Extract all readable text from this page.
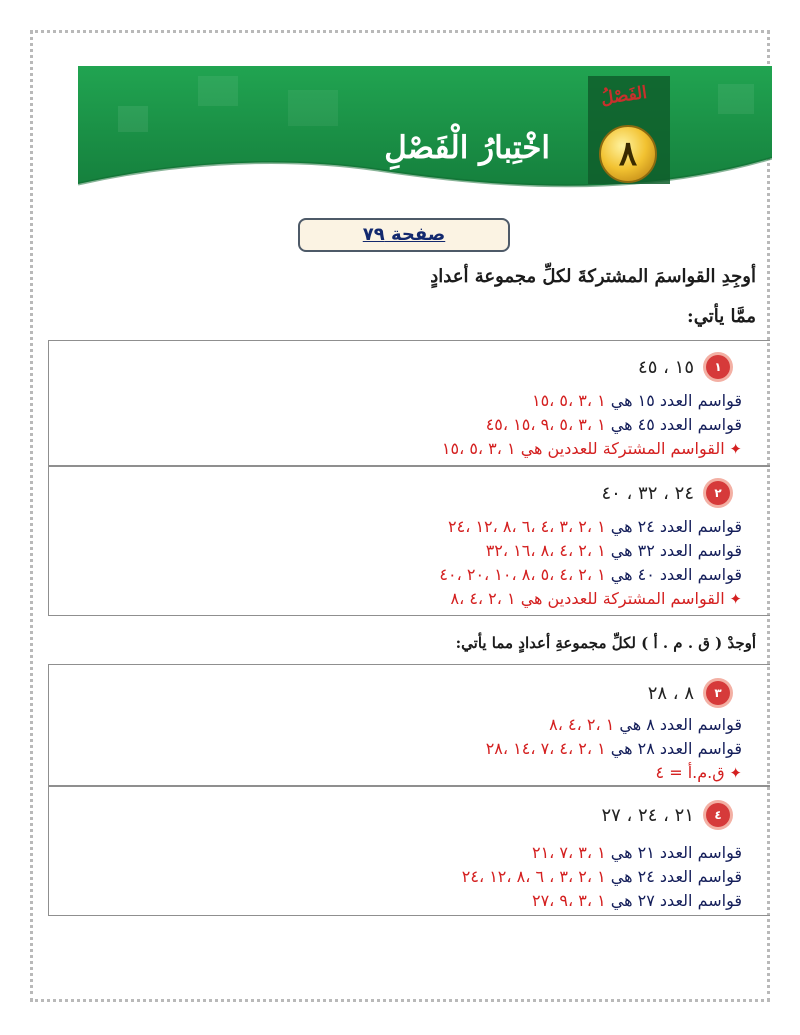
الفَصْلُ
٨
اخْتِبارُ الْفَصْلِ
صفحة ٧٩
أوجِدِ القواسمَ المشتركةَ لكلِّ مجموعة أعدادٍ
ممَّا يأتي:
١
١٥ ، ٤٥
قواسم العدد ١٥ هي ١ ،٣ ،٥ ،١٥
قواسم العدد ٤٥ هي ١ ،٣ ،٥ ،٩ ،١٥ ،٤٥
✦ القواسم المشتركة للعددين هي ١ ،٣ ،٥ ،١٥
٢
٢٤ ، ٣٢ ، ٤٠
قواسم العدد ٢٤ هي ١ ،٢ ،٣ ،٤ ،٦ ،٨ ،١٢ ،٢٤
قواسم العدد ٣٢ هي ١ ،٢ ،٤ ،٨ ،١٦ ،٣٢
قواسم العدد ٤٠ هي ١ ،٢ ،٤ ،٥ ،٨ ،١٠ ،٢٠ ،٤٠
✦ القواسم المشتركة للعددين هي ١ ،٢ ،٤ ،٨
أوجدْ ( ق . م . أ ) لكلِّ مجموعةِ أعدادٍ مما يأتي:
٣
٨ ، ٢٨
قواسم العدد ٨ هي ١ ،٢ ،٤ ،٨
قواسم العدد ٢٨ هي ١ ،٢ ،٤ ،٧ ،١٤ ،٢٨
✦ ق.م.أ = ٤
٤
٢١ ، ٢٤ ، ٢٧
قواسم العدد ٢١ هي ١ ،٣ ،٧ ،٢١
قواسم العدد ٢٤ هي ١ ،٢ ،٣ ، ٦ ،٨ ،١٢ ،٢٤
قواسم العدد ٢٧ هي ١ ،٣ ،٩ ،٢٧
